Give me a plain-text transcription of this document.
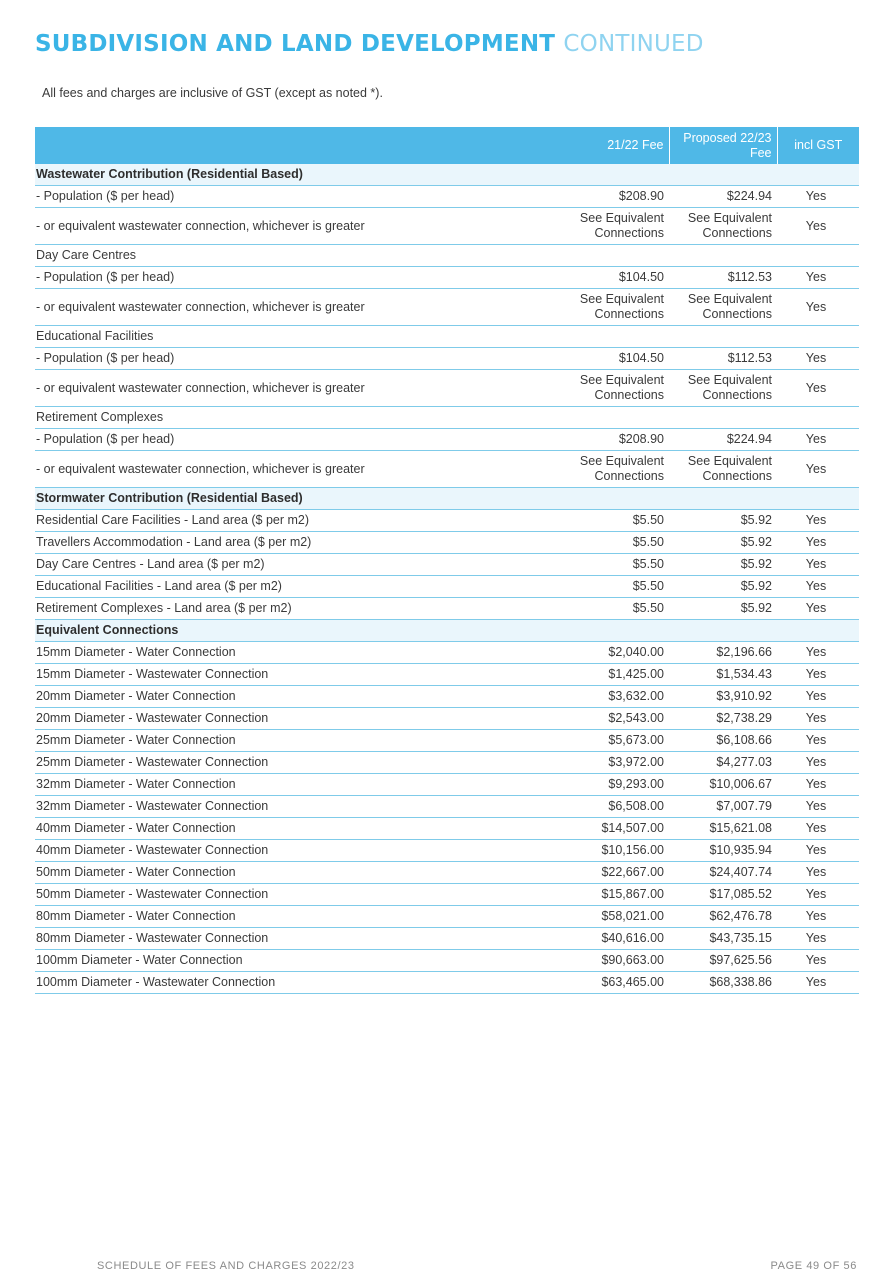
SUBDIVISION AND LAND DEVELOPMENT CONTINUED

All fees and charges are inclusive of GST (except as noted *).

	21/22 Fee	Proposed 22/23 Fee	incl GST
Wastewater Contribution (Residential Based)			
- Population ($ per head)	$208.90	$224.94	Yes
- or equivalent wastewater connection, whichever is greater	See Equivalent Connections	See Equivalent Connections	Yes
Day Care Centres			
- Population ($ per head)	$104.50	$112.53	Yes
- or equivalent wastewater connection, whichever is greater	See Equivalent Connections	See Equivalent Connections	Yes
Educational Facilities			
- Population ($ per head)	$104.50	$112.53	Yes
- or equivalent wastewater connection, whichever is greater	See Equivalent Connections	See Equivalent Connections	Yes
Retirement Complexes			
- Population ($ per head)	$208.90	$224.94	Yes
- or equivalent wastewater connection, whichever is greater	See Equivalent Connections	See Equivalent Connections	Yes
Stormwater Contribution (Residential Based)			
Residential Care Facilities - Land area ($ per m2)	$5.50	$5.92	Yes
Travellers Accommodation - Land area ($ per m2)	$5.50	$5.92	Yes
Day Care Centres - Land area ($ per m2)	$5.50	$5.92	Yes
Educational Facilities - Land area ($ per m2)	$5.50	$5.92	Yes
Retirement Complexes - Land area ($ per m2)	$5.50	$5.92	Yes
Equivalent Connections			
15mm Diameter - Water Connection	$2,040.00	$2,196.66	Yes
15mm Diameter - Wastewater Connection	$1,425.00	$1,534.43	Yes
20mm Diameter - Water Connection	$3,632.00	$3,910.92	Yes
20mm Diameter - Wastewater Connection	$2,543.00	$2,738.29	Yes
25mm Diameter - Water Connection	$5,673.00	$6,108.66	Yes
25mm Diameter - Wastewater Connection	$3,972.00	$4,277.03	Yes
32mm Diameter - Water Connection	$9,293.00	$10,006.67	Yes
32mm Diameter - Wastewater Connection	$6,508.00	$7,007.79	Yes
40mm Diameter - Water Connection	$14,507.00	$15,621.08	Yes
40mm Diameter - Wastewater Connection	$10,156.00	$10,935.94	Yes
50mm Diameter - Water Connection	$22,667.00	$24,407.74	Yes
50mm Diameter - Wastewater Connection	$15,867.00	$17,085.52	Yes
80mm Diameter - Water Connection	$58,021.00	$62,476.78	Yes
80mm Diameter - Wastewater Connection	$40,616.00	$43,735.15	Yes
100mm Diameter - Water Connection	$90,663.00	$97,625.56	Yes
100mm Diameter - Wastewater Connection	$63,465.00	$68,338.86	Yes
SCHEDULE OF FEES AND CHARGES 2022/23	PAGE 49 OF 56
